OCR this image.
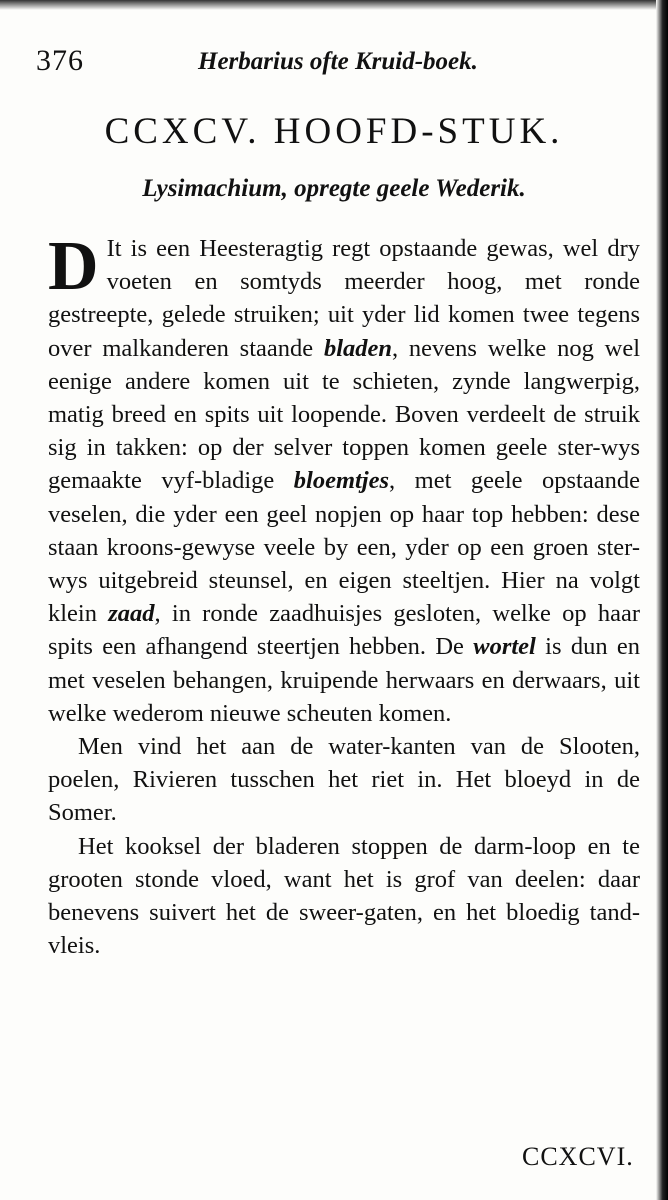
376	Herbarius ofte Kruid-boek.
CCXCV. HOOFD-STUK.
Lysimachium, opregte geele Wederik.

D It is een Heesteragtig regt opstaande gewas, wel dry voeten en somtyds meerder hoog, met ronde gestreepte, gelede struiken; uit yder lid komen twee tegens over malkanderen staande bladen, nevens welke nog wel eenige andere komen uit te schieten, zynde langwerpig, matig breed en spits uit loopende. Boven verdeelt de struik sig in takken: op der selver toppen komen geele ster-wys gemaakte vyf-bladige bloemtjes, met geele opstaande veselen, die yder een geel nopjen op haar top hebben: dese staan kroons-gewyse veele by een, yder op een groen ster-wys uitgebreid steunsel, en eigen steeltjen. Hier na volgt klein zaad, in ronde zaadhuisjes gesloten, welke op haar spits een afhangend steertjen hebben. De wortel is dun en met veselen behangen, kruipende herwaars en derwaars, uit welke wederom nieuwe scheuten komen.

Men vind het aan de water-kanten van de Slooten, poelen, Rivieren tusschen het riet in. Het bloeyd in de Somer.

Het kooksel der bladeren stoppen de darm-loop en te grooten stonde vloed, want het is grof van deelen: daar benevens suivert het de sweer-gaten, en het bloedig tand-vleis.

CCXCVI.
